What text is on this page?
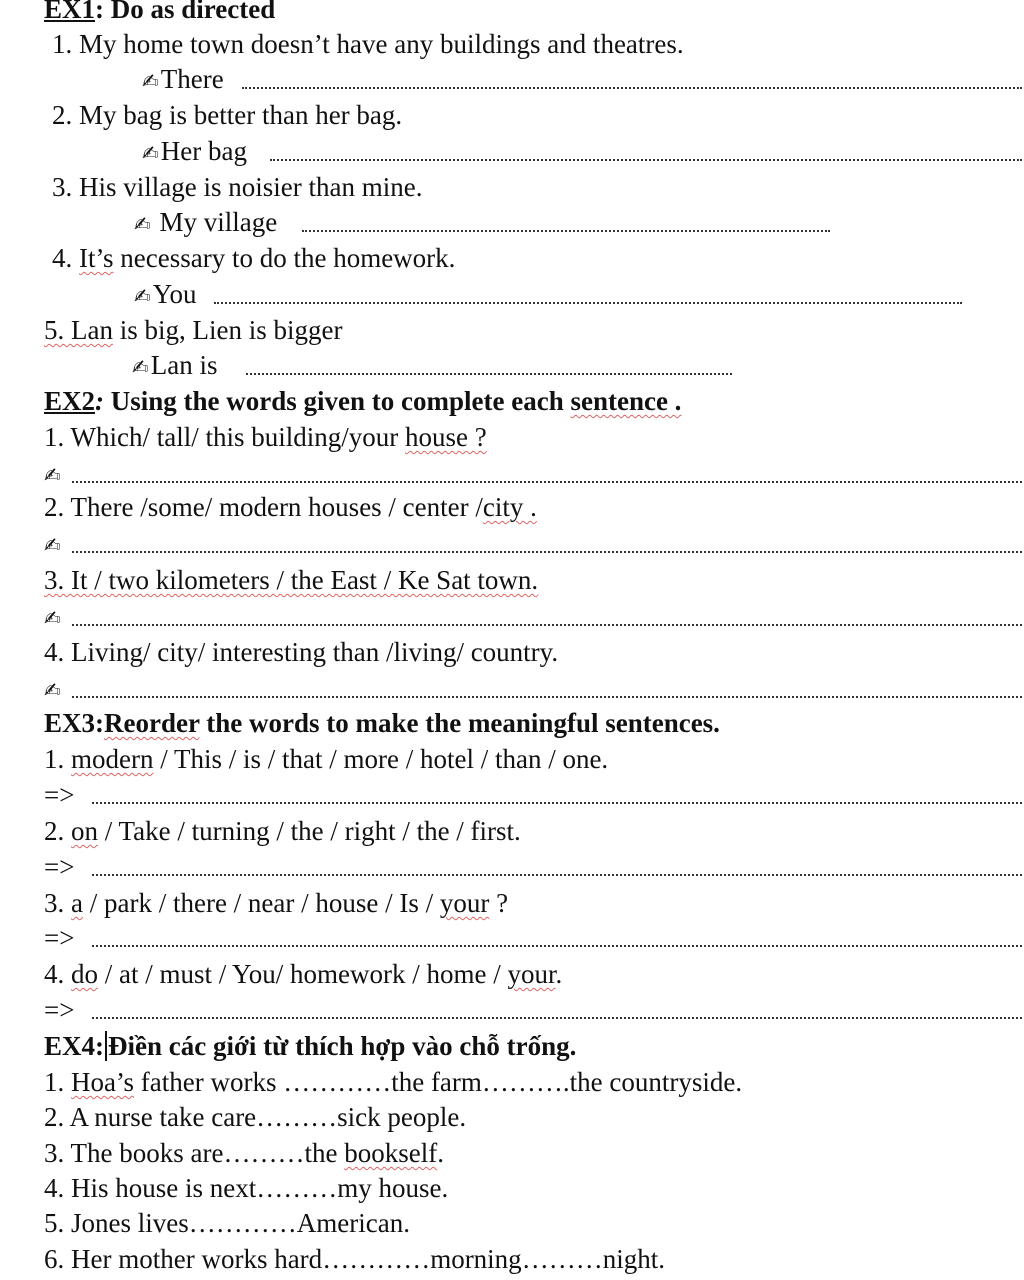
EX1: Do as directed
1. My home town doesn’t have any buildings and theatres.
✍There
2. My bag is better than her bag.
✍Her bag
3. His village is noisier than mine.
✍ My village
4. It’s necessary to do the homework.
✍You
5. Lan is big, Lien is bigger
✍Lan is
EX2: Using the words given to complete each sentence .
1. Which/ tall/ this building/your house ?
✍
2. There /some/ modern houses / center /city .
✍
3. It / two kilometers / the East / Ke Sat town.
✍
4. Living/ city/ interesting than /living/ country.
✍
EX3:Reorder the words to make the meaningful sentences.
1. modern / This / is / that / more / hotel / than / one.
=>
2. on / Take / turning / the / right / the / first.
=>
3. a / park / there / near / house / Is / your ?
=>
4. do / at / must / You/ homework / home / your.
=>
EX4: Điền các giới từ thích hợp vào chỗ trống.
1. Hoa’s father works …………the farm……….the countryside.
2. A nurse take care………sick people.
3. The books are………the bookself.
4. His house is next………my house.
5. Jones lives…………American.
6. Her mother works hard…………morning………night.
